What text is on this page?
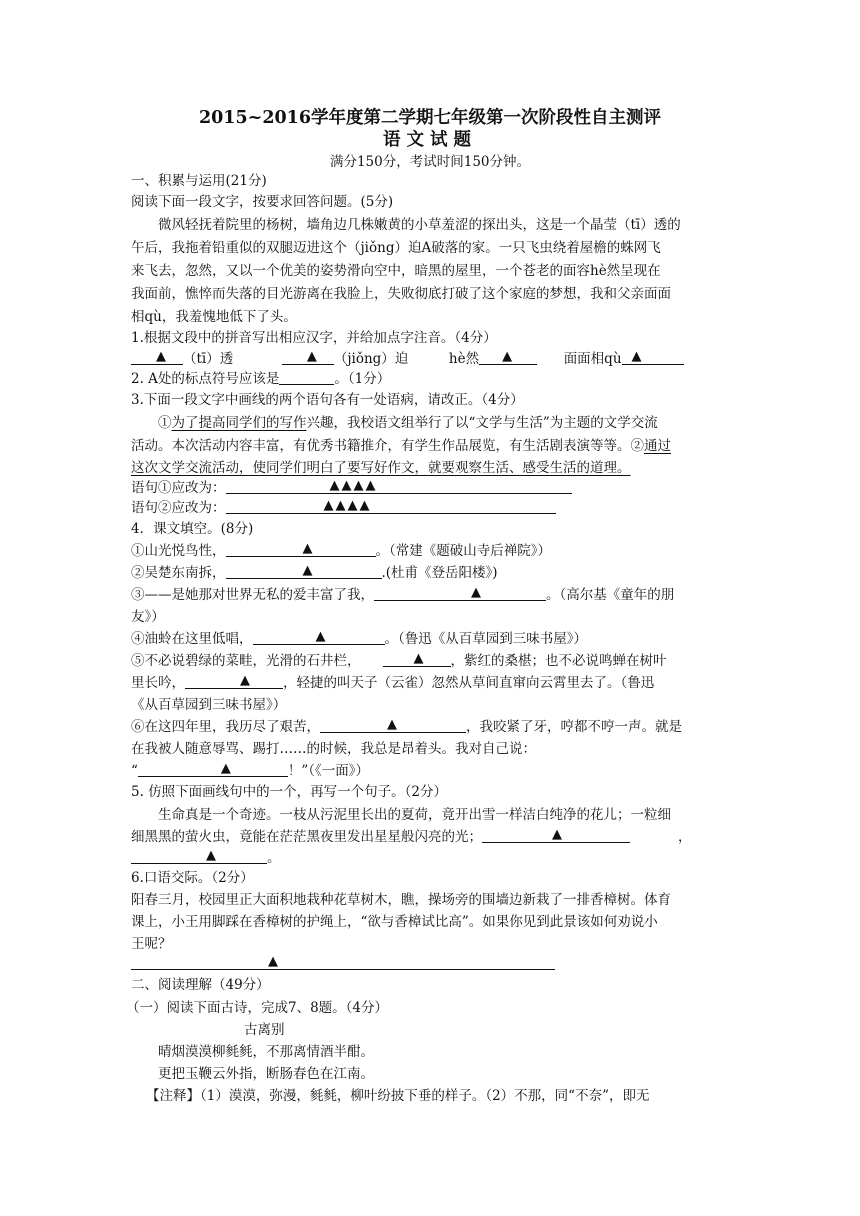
2015~2016学年度第二学期七年级第一次阶段性自主测评
语文试题
满分150分，考试时间150分钟。
一、积累与运用(21分)
阅读下面一段文字，按要求回答问题。(5分)
微风轻抚着院里的杨树，墙角边几株嫩黄的小草羞涩的探出头，这是一个晶莹（tī）透的
午后，我拖着铅重似的双腿迈进这个（jiǒng）迫A破落的家。一只飞虫绕着屋檐的蛛网飞
来飞去，忽然，又以一个优美的姿势滑向空中，暗黑的屋里，一个苍老的面容hè然呈现在
我面前，憔悴而失落的目光游离在我脸上，失败彻底打破了这个家庭的梦想，我和父亲面面
相qù，我羞愧地低下了头。
1.根据文段中的拼音写出相应汉字，并给加点字注音。（4分）
▲ （tī）透	▲ （jiǒng）迫	hè然 ▲	面面相qù ▲
2. A处的标点符号应该是	。（1分）
3.下面一段文字中画线的两个语句各有一处语病，请改正。（4分）
①为了提高同学们的写作兴趣，我校语文组举行了以“文学与生活”为主题的文学交流
活动。本次活动内容丰富，有优秀书籍推介，有学生作品展览，有生活剧表演等等。②通过
这次文学交流活动，使同学们明白了要写好作文，就要观察生活、感受生活的道理。
语句①应改为：	▲▲▲▲
语句②应改为：	▲▲▲▲
4．课文填空。(8分)
①山光悦鸟性，	▲	。（常建《题破山寺后禅院》）
②吴楚东南拆，	▲	.(杜甫《登岳阳楼》)
③——是她那对世界无私的爱丰富了我，	▲	。（高尔基《童年的朋
友》）
④油蛉在这里低唱，	▲	。（鲁迅《从百草园到三味书屋》）
⑤不必说碧绿的菜畦，光滑的石井栏，	▲ ，紫红的桑椹；也不必说鸣蝉在树叶
里长吟，	▲ ，轻捷的叫天子（云雀）忽然从草间直窜向云霄里去了。（鲁迅
《从百草园到三味书屋》）
⑥在这四年里，我历尽了艰苦，	▲	，我咬紧了牙，哼都不哼一声。就是
在我被人随意辱骂、踢打……的时候，我总是昂着头。我对自己说：
“	▲	！”（《一面》）
5. 仿照下面画线句中的一个，再写一个句子。（2分）
生命真是一个奇迹。一枝从污泥里长出的夏荷，竟开出雪一样洁白纯净的花儿；一粒细
细黑黑的萤火虫，竟能在茫茫黑夜里发出星星般闪亮的光；	▲	，
▲	。
6.口语交际。（2分）
阳春三月，校园里正大面积地栽种花草树木，瞧，操场旁的围墙边新栽了一排香樟树。体育
课上，小王用脚踩在香樟树的护绳上，“欲与香樟试比高”。如果你见到此景该如何劝说小
王呢？
▲
二、阅读理解（49分）
（一）阅读下面古诗，完成7、8题。（4分）
古离别
晴烟漠漠柳毵毵，不那离情酒半酣。
更把玉鞭云外指，断肠春色在江南。
【注释】（1）漠漠，弥漫，毵毵，柳叶纷披下垂的样子。（2）不那，同“不奈”，即无
